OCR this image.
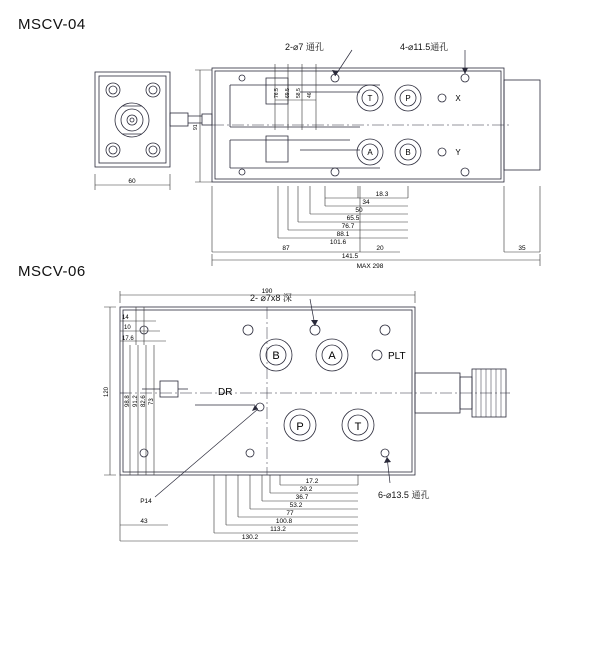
MSCV-04
76.5 69.5 58.5 46
91
60
18.3
34
50
65.5
76.7
88.1
101.6
87	20	35
141.5
MAX 298
T	P
A	B
X
Y
2-⌀7 通孔	4-⌀11.5通孔
MSCV-06
14
10
17.6
120
98.8 91.2 82.6 73
190
17.2
29.2
36.7
53.2
77
100.8
113.2
43
130.2
P14
B	A
P	T
PLT
DR
2- ⌀7x8 深
6-⌀13.5 通孔
